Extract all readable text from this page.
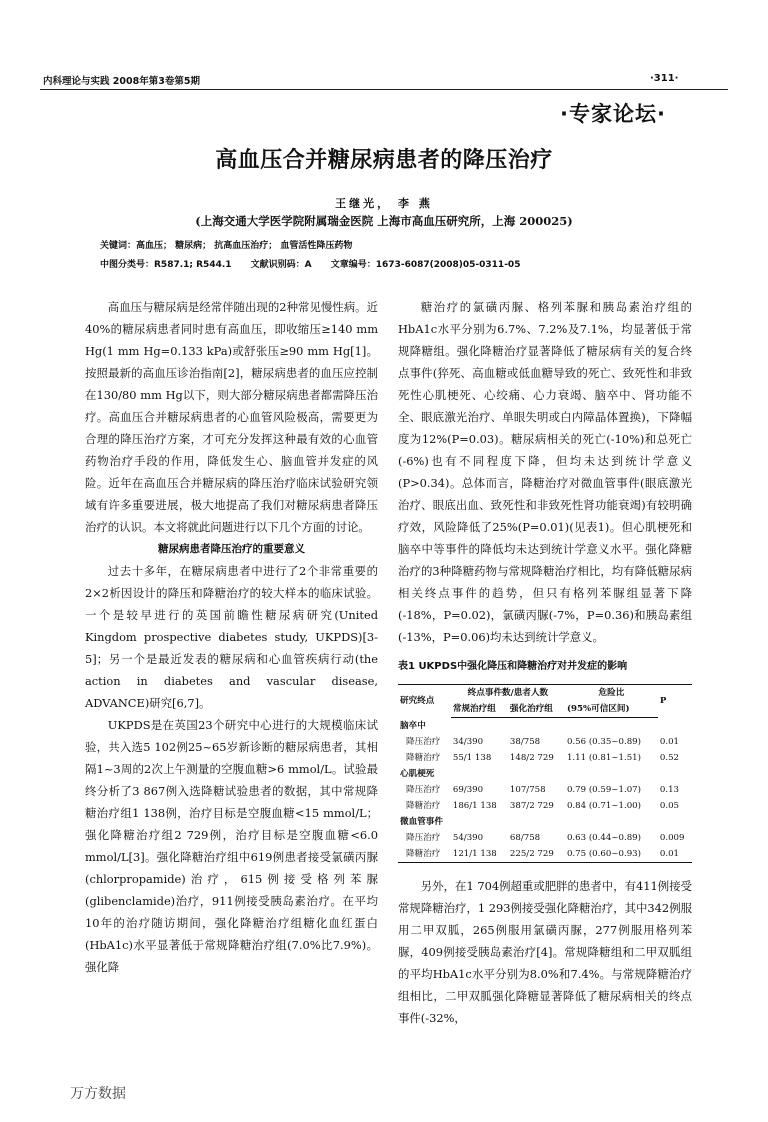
内科理论与实践 2008年第3卷第5期	·311·
·专家论坛·
高血压合并糖尿病患者的降压治疗
王继光， 李 燕
(上海交通大学医学院附属瑞金医院 上海市高血压研究所，上海 200025)
关键词：高血压； 糖尿病； 抗高血压治疗； 血管活性降压药物
中图分类号：R587.1; R544.1 文献识别码：A 文章编号：1673-6087(2008)05-0311-05

高血压与糖尿病是经常伴随出现的2种常见慢性病。近40%的糖尿病患者同时患有高血压，即收缩压≥140 mm Hg(1 mm Hg=0.133 kPa)或舒张压≥90 mm Hg[1]。按照最新的高血压诊治指南[2]，糖尿病患者的血压应控制在130/80 mm Hg以下，则大部分糖尿病患者都需降压治疗。高血压合并糖尿病患者的心血管风险极高，需要更为合理的降压治疗方案，才可充分发挥这种最有效的心血管药物治疗手段的作用，降低发生心、脑血管并发症的风险。近年在高血压合并糖尿病的降压治疗临床试验研究领域有许多重要进展，极大地提高了我们对糖尿病患者降压治疗的认识。本文将就此问题进行以下几个方面的讨论。

糖尿病患者降压治疗的重要意义

过去十多年，在糖尿病患者中进行了2个非常重要的2×2析因设计的降压和降糖治疗的较大样本的临床试验。一个是较早进行的英国前瞻性糖尿病研究(United Kingdom prospective diabetes study, UKPDS)[3-5]；另一个是最近发表的糖尿病和心血管疾病行动(the action in diabetes and vascular disease, ADVANCE)研究[6,7]。

UKPDS是在英国23个研究中心进行的大规模临床试验，共入选5 102例25~65岁新诊断的糖尿病患者，其相隔1~3周的2次上午测量的空腹血糖>6 mmol/L。试验最终分析了3 867例入选降糖试验患者的数据，其中常规降糖治疗组1 138例，治疗目标是空腹血糖<15 mmol/L；强化降糖治疗组2 729例，治疗目标是空腹血糖<6.0 mmol/L[3]。强化降糖治疗组中619例患者接受氯磺丙脲(chlorpropamide)治疗，615例接受格列苯脲(glibenclamide)治疗，911例接受胰岛素治疗。在平均10年的治疗随访期间，强化降糖治疗组糖化血红蛋白(HbA1c)水平显著低于常规降糖治疗组(7.0%比7.9%)。强化降

糖治疗的氯磺丙脲、格列苯脲和胰岛素治疗组的HbA1c水平分别为6.7%、7.2%及7.1%，均显著低于常规降糖组。强化降糖治疗显著降低了糖尿病有关的复合终点事件(猝死、高血糖或低血糖导致的死亡、致死性和非致死性心肌梗死、心绞痛、心力衰竭、脑卒中、肾功能不全、眼底激光治疗、单眼失明或白内障晶体置换)，下降幅度为12%(P=0.03)。糖尿病相关的死亡(-10%)和总死亡(-6%)也有不同程度下降，但均未达到统计学意义(P>0.34)。总体而言，降糖治疗对微血管事件(眼底激光治疗、眼底出血、致死性和非致死性肾功能衰竭)有较明确疗效，风险降低了25%(P=0.01)(见表1)。但心肌梗死和脑卒中等事件的降低均未达到统计学意义水平。强化降糖治疗的3种降糖药物与常规降糖治疗相比，均有降低糖尿病相关终点事件的趋势，但只有格列苯脲组显著下降(-18%，P=0.02)，氯磺丙脲(-7%，P=0.36)和胰岛素组(-13%，P=0.06)均未达到统计学意义。

表1 UKPDS中强化降压和降糖治疗对并发症的影响
研究终点	终点事件数/患者人数		危险比	P
	常规治疗组	强化治疗组	(95%可信区间)	
脑卒中				
降压治疗	34/390	38/758	0.56 (0.35~0.89)	0.01
降糖治疗	55/1 138	148/2 729	1.11 (0.81~1.51)	0.52
心肌梗死				
降压治疗	69/390	107/758	0.79 (0.59~1.07)	0.13
降糖治疗	186/1 138	387/2 729	0.84 (0.71~1.00)	0.05
微血管事件				
降压治疗	54/390	68/758	0.63 (0.44~0.89)	0.009
降糖治疗	121/1 138	225/2 729	0.75 (0.60~0.93)	0.01

另外，在1 704例超重或肥胖的患者中，有411例接受常规降糖治疗，1 293例接受强化降糖治疗，其中342例服用二甲双胍，265例服用氯磺丙脲，277例服用格列苯脲，409例接受胰岛素治疗[4]。常规降糖组和二甲双胍组的平均HbA1c水平分别为8.0%和7.4%。与常规降糖治疗组相比，二甲双胍强化降糖显著降低了糖尿病相关的终点事件(-32%，

万方数据
